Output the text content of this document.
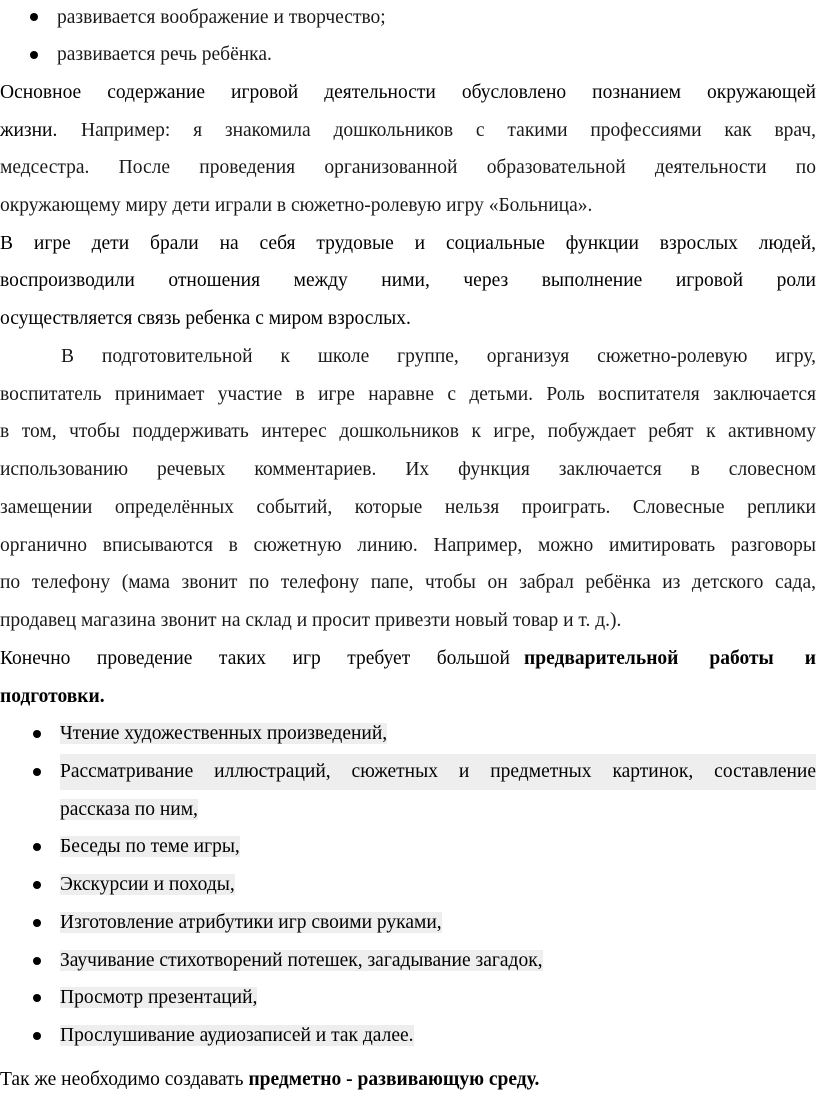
развивается воображение и творчество;
развивается речь ребёнка.
Основное содержание игровой деятельности обусловлено познанием окружающей
жизни.	Например: я знакомила дошкольников с такими профессиями как врач,
медсестра. После проведения организованной образовательной деятельности по
окружающему миру дети играли в сюжетно-ролевую игру «Больница».
В игре дети брали на себя трудовые и социальные функции взрослых людей,
воспроизводили отношения между ними, через выполнение игровой роли
осуществляется связь ребенка с миром взрослых.
В подготовительной к школе группе, организуя сюжетно-ролевую игру,
воспитатель принимает участие в игре наравне с детьми. Роль воспитателя заключается
в том, чтобы поддерживать интерес дошкольников к игре, побуждает ребят к активному
использованию речевых комментариев. Их функция заключается в словесном
замещении определённых событий, которые нельзя проиграть. Словесные реплики
органично вписываются в сюжетную линию. Например, можно имитировать разговоры
по телефону (мама звонит по телефону папе, чтобы он забрал ребёнка из детского сада,
продавец магазина звонит на склад и просит привезти новый товар и т. д.).
Конечно проведение таких игр требует большой предварительной работы и
подготовки.
Чтение художественных произведений,
Рассматривание иллюстраций, сюжетных и предметных картинок, составление
рассказа по ним,
Беседы по теме игры,
Экскурсии и походы,
Изготовление атрибутики игр своими руками,
Заучивание стихотворений потешек, загадывание загадок,
Просмотр презентаций,
Прослушивание аудиозаписей и так далее.
Так же необходимо создавать предметно - развивающую среду.
